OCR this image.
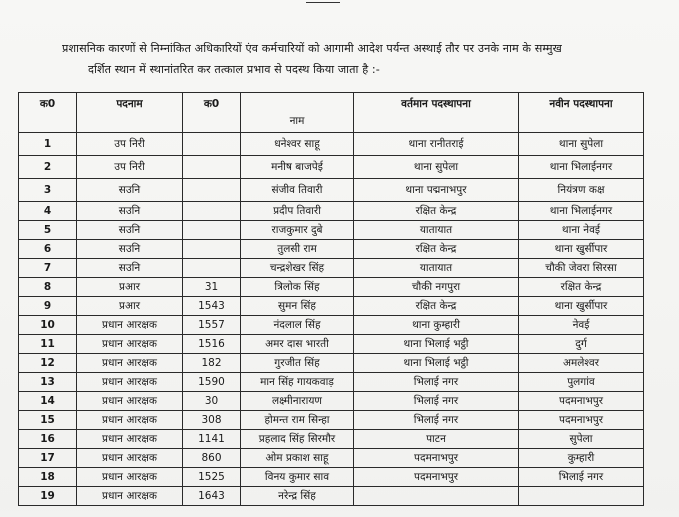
प्रशासनिक कारणों से निम्नांकित अधिकारियों एंव कर्मचारियों को आगामी आदेश पर्यन्त अस्थाई तौर पर उनके नाम के सम्मुख

दर्शित स्थान में स्थानांतरित कर तत्काल प्रभाव से पदस्थ किया जाता है :-

क0	पदनाम	क0	नाम	वर्तमान पदस्थापना	नवीन पदस्थापना
1	उप निरी		धनेश्वर साहू	थाना रानीतराई	थाना सुपेला
2	उप निरी		मनीष बाजपेई	थाना सुपेला	थाना भिलाईनगर
3	सउनि		संजीव तिवारी	थाना पद्मनाभपुर	नियंत्रण कक्ष
4	सउनि		प्रदीप तिवारी	रक्षित केन्द्र	थाना भिलाईनगर
5	सउनि		राजकुमार दुबे	यातायात	थाना नेवई
6	सउनि		तुलसी राम	रक्षित केन्द्र	थाना खुर्सीपार
7	सउनि		चन्द्रशेखर सिंह	यातायात	चौकी जेवरा सिरसा
8	प्रआर	31	त्रिलोक सिंह	चौकी नगपुरा	रक्षित केन्द्र
9	प्रआर	1543	सुमन सिंह	रक्षित केन्द्र	थाना खुर्सीपार
10	प्रधान आरक्षक	1557	नंदलाल सिंह	थाना कुम्हारी	नेवई
11	प्रधान आरक्षक	1516	अमर दास भारती	थाना भिलाई भट्ठी	दुर्ग
12	प्रधान आरक्षक	182	गुरजीत सिंह	थाना भिलाई भट्ठी	अमलेश्वर
13	प्रधान आरक्षक	1590	मान सिंह गायकवाड़	भिलाई नगर	पुलगांव
14	प्रधान आरक्षक	30	लक्ष्मीनारायण	भिलाई नगर	पदमनाभपुर
15	प्रधान आरक्षक	308	होमन्त राम सिन्हा	भिलाई नगर	पदमनाभपुर
16	प्रधान आरक्षक	1141	प्रहलाद सिंह सिरमौर	पाटन	सुपेला
17	प्रधान आरक्षक	860	ओम प्रकाश साहू	पदमनाभपुर	कुम्हारी
18	प्रधान आरक्षक	1525	विनय कुमार साव	पदमनाभपुर	भिलाई नगर
19	प्रधान आरक्षक	1643	नरेन्द्र सिंह		
